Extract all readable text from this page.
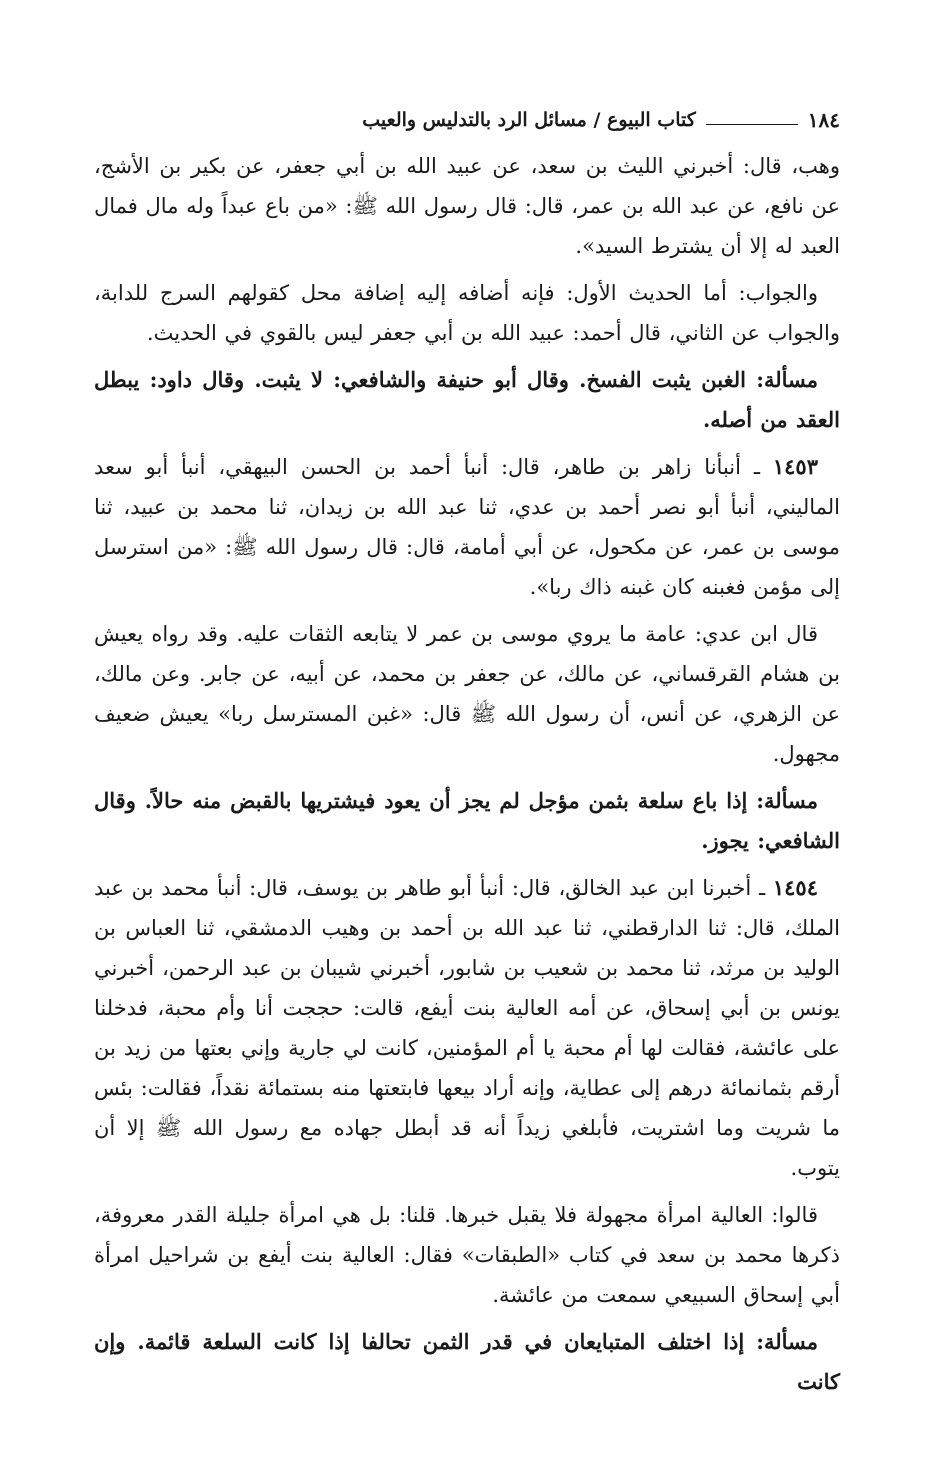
١٨٤
كتاب البيوع / مسائل الرد بالتدليس والعيب

وهب، قال: أخبرني الليث بن سعد، عن عبيد الله بن أبي جعفر، عن بكير بن الأشج، عن نافع، عن عبد الله بن عمر، قال: قال رسول الله ﷺ: «من باع عبداً وله مال فمال العبد له إلا أن يشترط السيد».

والجواب: أما الحديث الأول: فإنه أضافه إليه إضافة محل كقولهم السرج للدابة، والجواب عن الثاني، قال أحمد: عبيد الله بن أبي جعفر ليس بالقوي في الحديث.

مسألة: الغبن يثبت الفسخ. وقال أبو حنيفة والشافعي: لا يثبت. وقال داود: يبطل العقد من أصله.

١٤٥٣ ـ أنبأنا زاهر بن طاهر، قال: أنبأ أحمد بن الحسن البيهقي، أنبأ أبو سعد الماليني، أنبأ أبو نصر أحمد بن عدي، ثنا عبد الله بن زيدان، ثنا محمد بن عبيد، ثنا موسى بن عمر، عن مكحول، عن أبي أمامة، قال: قال رسول الله ﷺ: «من استرسل إلى مؤمن فغبنه كان غبنه ذاك ربا».

قال ابن عدي: عامة ما يروي موسى بن عمر لا يتابعه الثقات عليه. وقد رواه يعيش بن هشام القرقساني، عن مالك، عن جعفر بن محمد، عن أبيه، عن جابر. وعن مالك، عن الزهري، عن أنس، أن رسول الله ﷺ قال: «غبن المسترسل ربا» يعيش ضعيف مجهول.

مسألة: إذا باع سلعة بثمن مؤجل لم يجز أن يعود فيشتريها بالقبض منه حالاً. وقال الشافعي: يجوز.

١٤٥٤ ـ أخبرنا ابن عبد الخالق، قال: أنبأ أبو طاهر بن يوسف، قال: أنبأ محمد بن عبد الملك، قال: ثنا الدارقطني، ثنا عبد الله بن أحمد بن وهيب الدمشقي، ثنا العباس بن الوليد بن مرثد، ثنا محمد بن شعيب بن شابور، أخبرني شيبان بن عبد الرحمن، أخبرني يونس بن أبي إسحاق، عن أمه العالية بنت أيفع، قالت: حججت أنا وأم محبة، فدخلنا على عائشة، فقالت لها أم محبة يا أم المؤمنين، كانت لي جارية وإني بعتها من زيد بن أرقم بثمانمائة درهم إلى عطاية، وإنه أراد بيعها فابتعتها منه بستمائة نقداً، فقالت: بئس ما شريت وما اشتريت، فأبلغي زيداً أنه قد أبطل جهاده مع رسول الله ﷺ إلا أن يتوب.

قالوا: العالية امرأة مجهولة فلا يقبل خبرها. قلنا: بل هي امرأة جليلة القدر معروفة، ذكرها محمد بن سعد في كتاب «الطبقات» فقال: العالية بنت أيفع بن شراحيل امرأة أبي إسحاق السبيعي سمعت من عائشة.

مسألة: إذا اختلف المتبايعان في قدر الثمن تحالفا إذا كانت السلعة قائمة. وإن كانت
